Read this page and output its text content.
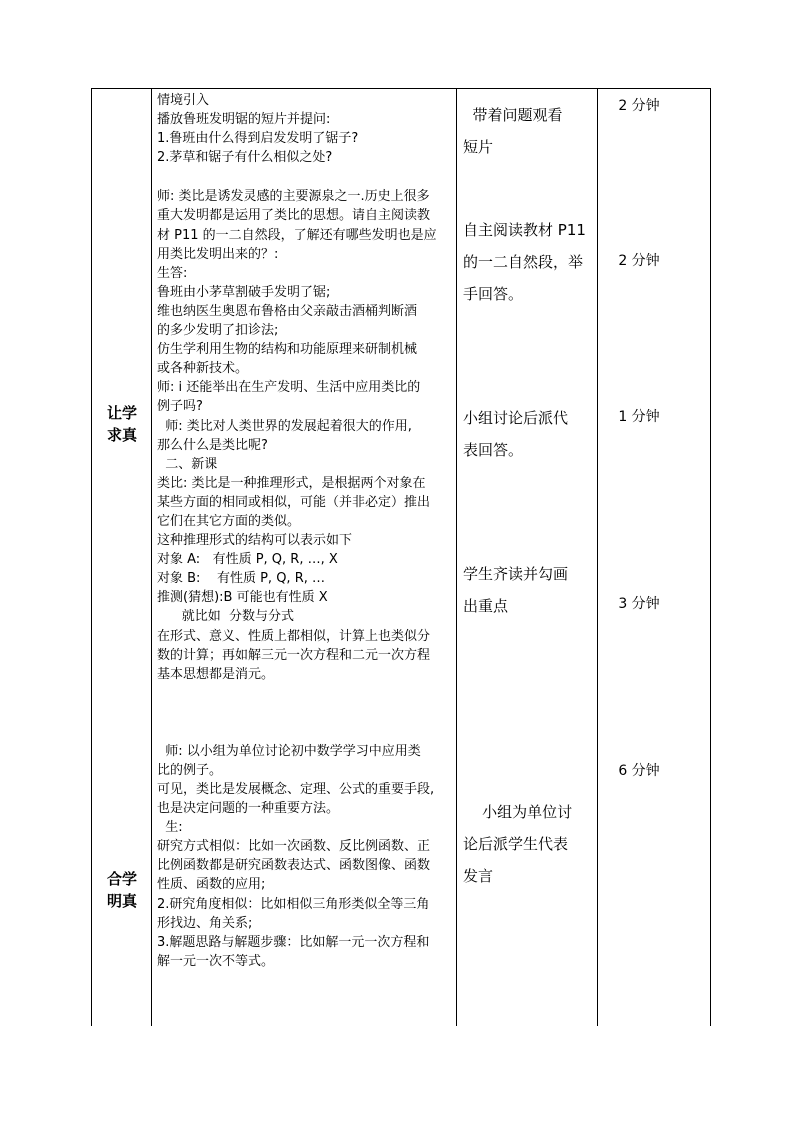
让学
求真
合学
明真
情境引入
播放鲁班发明锯的短片并提问:
1.鲁班由什么得到启发发明了锯子?
2.茅草和锯子有什么相似之处?
师: 类比是诱发灵感的主要源泉之一.历史上很多
重大发明都是运用了类比的思想。请自主阅读教
材 P11 的一二自然段，了解还有哪些发明也是应
用类比发明出来的？:
生答:
鲁班由小茅草割破手发明了锯;
维也纳医生奥恩布鲁格由父亲敲击酒桶判断酒
的多少发明了扣诊法;
仿生学利用生物的结构和功能原理来研制机械
或各种新技术。
师: i 还能举出在生产发明、生活中应用类比的
例子吗?
师: 类比对人类世界的发展起着很大的作用,
那么什么是类比呢?
二、新课
类比: 类比是一种推理形式，是根据两个对象在
某些方面的相同或相似，可能（并非必定）推出
它们在其它方面的类似。
这种推理形式的结构可以表示如下
对象 A:   有性质 P, Q, R, …, X
对象 B:    有性质 P, Q, R, …
推测(猜想):B 可能也有性质 X
就比如  分数与分式
在形式、意义、性质上都相似，计算上也类似分
数的计算；再如解三元一次方程和二元一次方程
基本思想都是消元。
师: 以小组为单位讨论初中数学学习中应用类
比的例子。
可见，类比是发展概念、定理、公式的重要手段,
也是决定问题的一种重要方法。
生:
研究方式相似：比如一次函数、反比例函数、正
比例函数都是研究函数表达式、函数图像、函数
性质、函数的应用;
2.研究角度相似：比如相似三角形类似全等三角
形找边、角关系;
3.解题思路与解题步骤：比如解一元一次方程和
解一元一次不等式。
带着问题观看
短片
自主阅读教材 P11
的一二自然段，举
手回答。
小组讨论后派代
表回答。
学生齐读并勾画
出重点
小组为单位讨
论后派学生代表
发言
2 分钟
2 分钟
1 分钟
3 分钟
6 分钟
